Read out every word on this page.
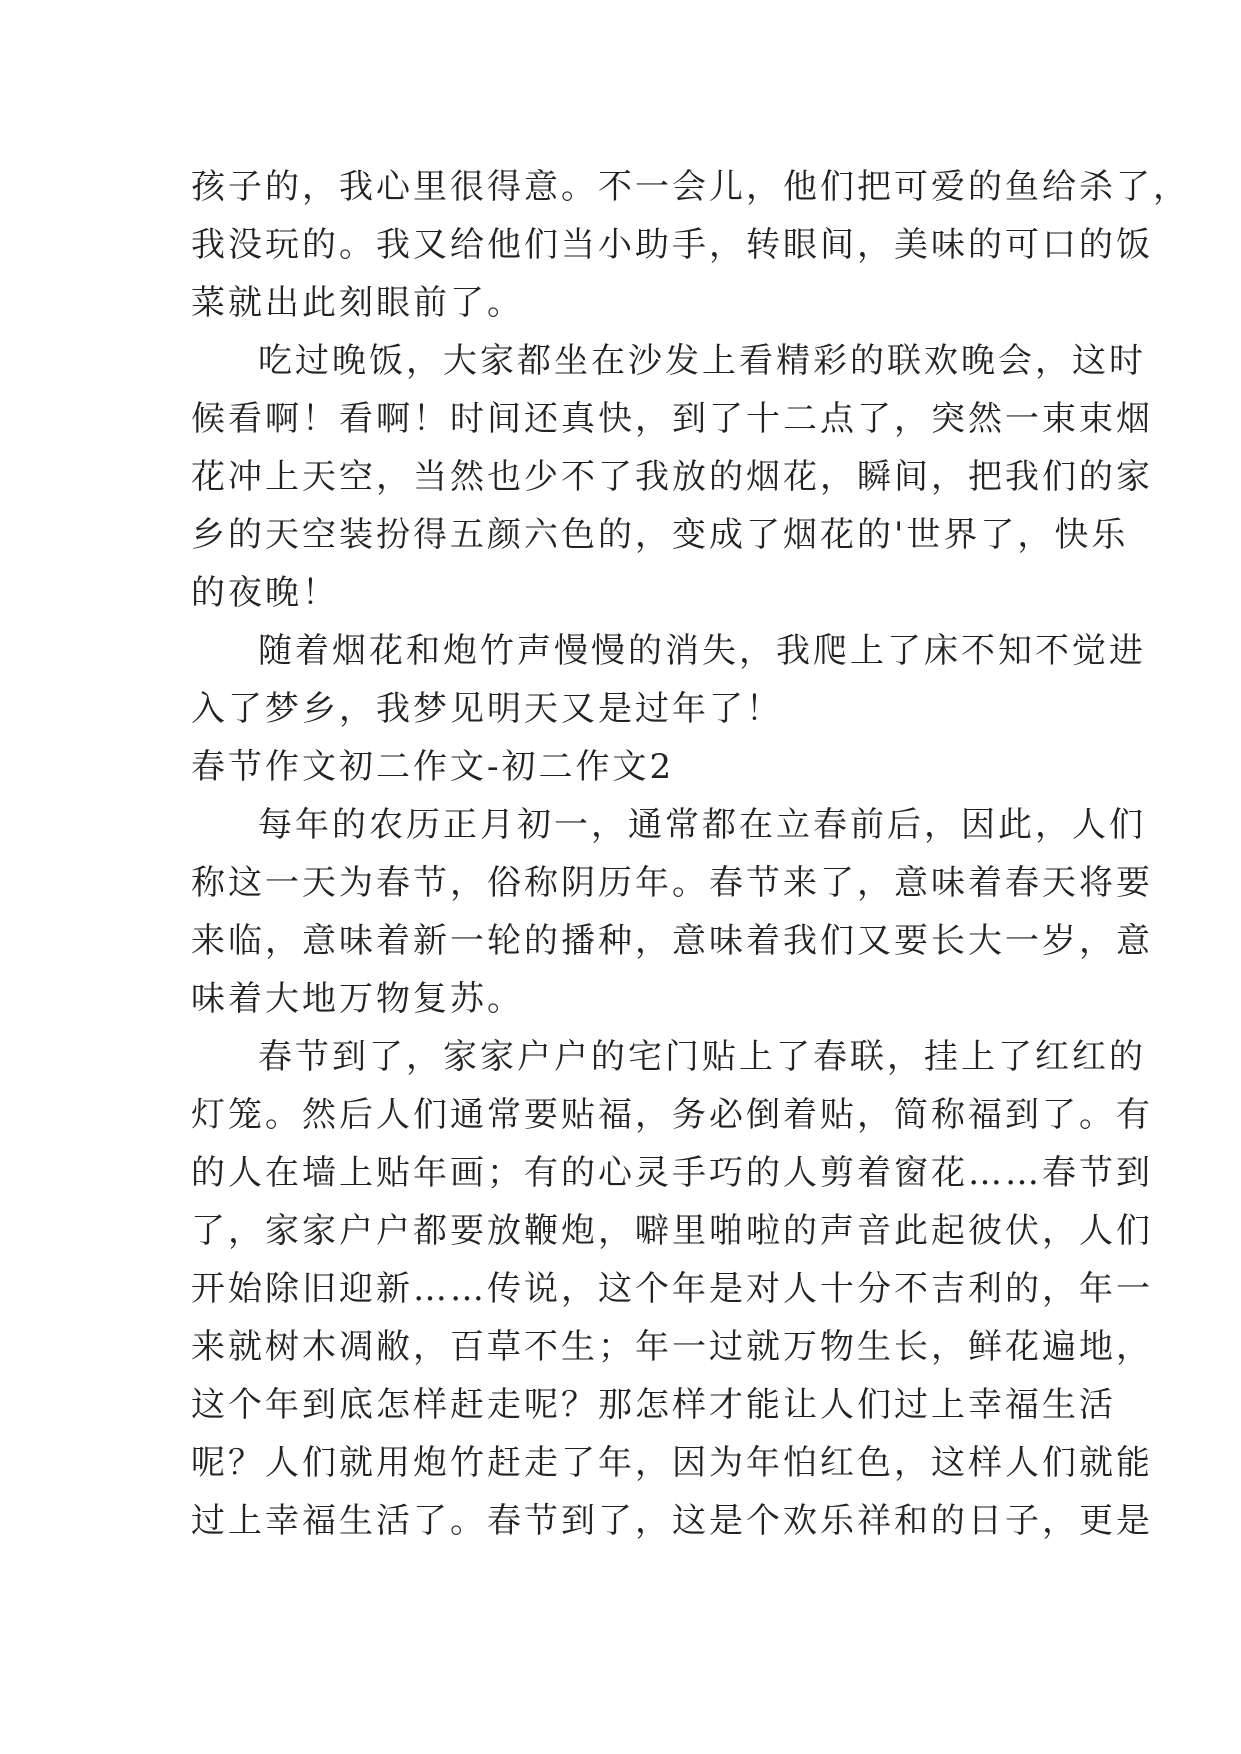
孩子的，我心里很得意。不一会儿，他们把可爱的鱼给杀了，
我没玩的。我又给他们当小助手，转眼间，美味的可口的饭
菜就出此刻眼前了。
吃过晚饭，大家都坐在沙发上看精彩的联欢晚会，这时
候看啊！看啊！时间还真快，到了十二点了，突然一束束烟
花冲上天空，当然也少不了我放的烟花，瞬间，把我们的家
乡的天空装扮得五颜六色的，变成了烟花的'世界了，快乐
的夜晚！
随着烟花和炮竹声慢慢的消失，我爬上了床不知不觉进
入了梦乡，我梦见明天又是过年了！
春节作文初二作文-初二作文2
每年的农历正月初一，通常都在立春前后，因此，人们
称这一天为春节，俗称阴历年。春节来了，意味着春天将要
来临，意味着新一轮的播种，意味着我们又要长大一岁，意
味着大地万物复苏。
春节到了，家家户户的宅门贴上了春联，挂上了红红的
灯笼。然后人们通常要贴福，务必倒着贴，简称福到了。有
的人在墙上贴年画；有的心灵手巧的人剪着窗花……春节到
了，家家户户都要放鞭炮，噼里啪啦的声音此起彼伏，人们
开始除旧迎新……传说，这个年是对人十分不吉利的，年一
来就树木凋敝，百草不生；年一过就万物生长，鲜花遍地，
这个年到底怎样赶走呢？那怎样才能让人们过上幸福生活
呢？人们就用炮竹赶走了年，因为年怕红色，这样人们就能
过上幸福生活了。春节到了，这是个欢乐祥和的日子，更是
